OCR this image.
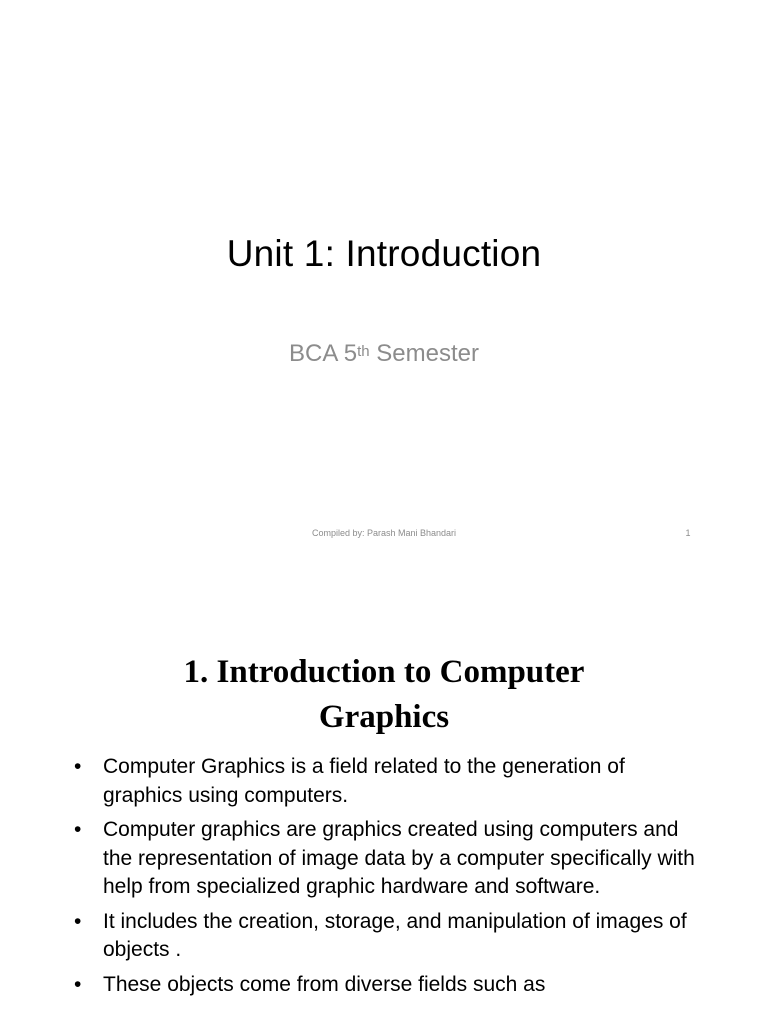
Unit 1: Introduction
BCA 5th Semester
Compiled by: Parash Mani Bhandari	1
1. Introduction to Computer
Graphics
• Computer Graphics is a field related to the generation of graphics using computers.
• Computer graphics are graphics created using computers and the representation of image data by a computer specifically with help from specialized graphic hardware and software.
• It includes the creation, storage, and manipulation of images of objects .
• These objects come from diverse fields such as
